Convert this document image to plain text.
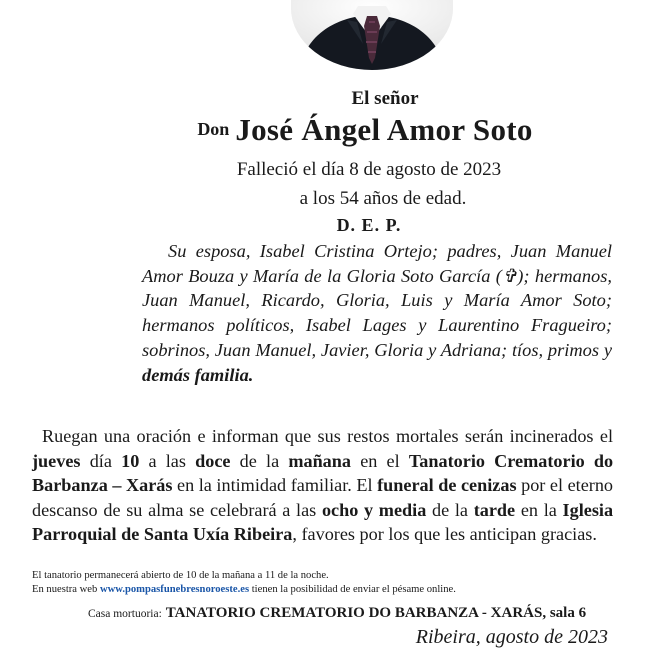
El señor
Don José Ángel Amor Soto
Falleció el día 8 de agosto de 2023
a los 54 años de edad.
D. E. P.
Su esposa, Isabel Cristina Ortejo; padres, Juan Manuel Amor Bouza y María de la Gloria Soto García (✞); hermanos, Juan Manuel, Ricardo, Gloria, Luis y María Amor Soto; hermanos políticos, Isabel Lages y Laurentino Fragueiro; sobrinos, Juan Manuel, Javier, Gloria y Adriana; tíos, primos y demás familia.
Ruegan una oración e informan que sus restos mortales serán incinerados el jueves día 10 a las doce de la mañana en el Tanatorio Crematorio do Barbanza – Xarás en la intimidad familiar. El funeral de cenizas por el eterno descanso de su alma se celebrará a las ocho y media de la tarde en la Iglesia Parroquial de Santa Uxía Ribeira, favores por los que les anticipan gracias.
El tanatorio permanecerá abierto de 10 de la mañana a 11 de la noche.
En nuestra web www.pompasfunebresnoroeste.es tienen la posibilidad de enviar el pésame online.
Casa mortuoria: TANATORIO CREMATORIO DO BARBANZA - XARÁS, sala 6
Ribeira, agosto de 2023
